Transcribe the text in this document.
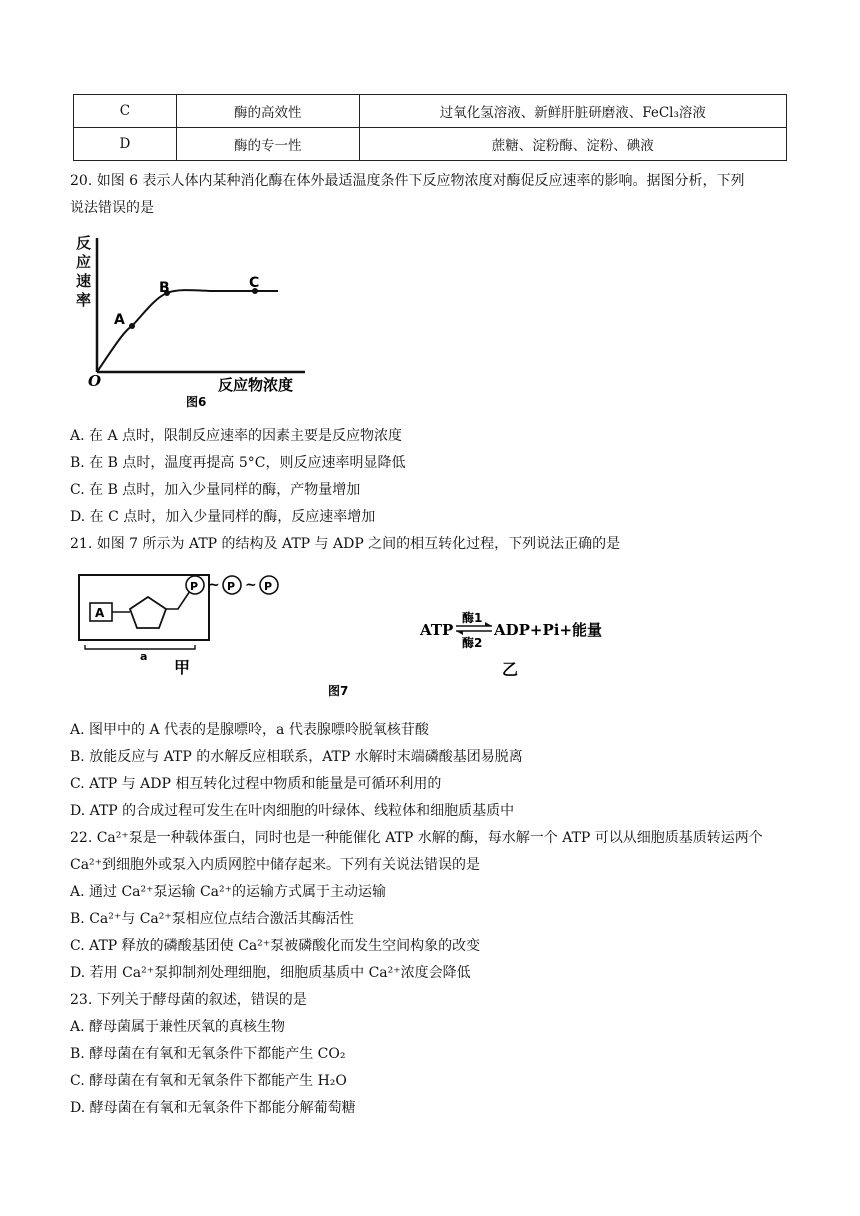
C	酶的高效性	过氧化氢溶液、新鲜肝脏研磨液、FeCl₃溶液
D	酶的专一性	蔗糖、淀粉酶、淀粉、碘液
20. 如图 6 表示人体内某种消化酶在体外最适温度条件下反应物浓度对酶促反应速率的影响。据图分析，下列
说法错误的是
反
应
速
率
O
A
B	C
反应物浓度
图6
A. 在 A 点时，限制反应速率的因素主要是反应物浓度
B. 在 B 点时，温度再提高 5°C，则反应速率明显降低
C. 在 B 点时，加入少量同样的酶，产物量增加
D. 在 C 点时，加入少量同样的酶，反应速率增加
21. 如图 7 所示为 ATP 的结构及 ATP 与 ADP 之间的相互转化过程，下列说法正确的是
A
P ~ P ~ P
a
甲
ATP
酶1
酶2
ADP+Pi+能量
乙
图7
A. 图甲中的 A 代表的是腺嘌呤，a 代表腺嘌呤脱氧核苷酸
B. 放能反应与 ATP 的水解反应相联系，ATP 水解时末端磷酸基团易脱离
C. ATP 与 ADP 相互转化过程中物质和能量是可循环利用的
D. ATP 的合成过程可发生在叶肉细胞的叶绿体、线粒体和细胞质基质中
22. Ca²⁺泵是一种载体蛋白，同时也是一种能催化 ATP 水解的酶，每水解一个 ATP 可以从细胞质基质转运两个
Ca²⁺到细胞外或泵入内质网腔中储存起来。下列有关说法错误的是
A. 通过 Ca²⁺泵运输 Ca²⁺的运输方式属于主动运输
B. Ca²⁺与 Ca²⁺泵相应位点结合激活其酶活性
C. ATP 释放的磷酸基团使 Ca²⁺泵被磷酸化而发生空间构象的改变
D. 若用 Ca²⁺泵抑制剂处理细胞，细胞质基质中 Ca²⁺浓度会降低
23. 下列关于酵母菌的叙述，错误的是
A. 酵母菌属于兼性厌氧的真核生物
B. 酵母菌在有氧和无氧条件下都能产生 CO₂
C. 酵母菌在有氧和无氧条件下都能产生 H₂O
D. 酵母菌在有氧和无氧条件下都能分解葡萄糖
